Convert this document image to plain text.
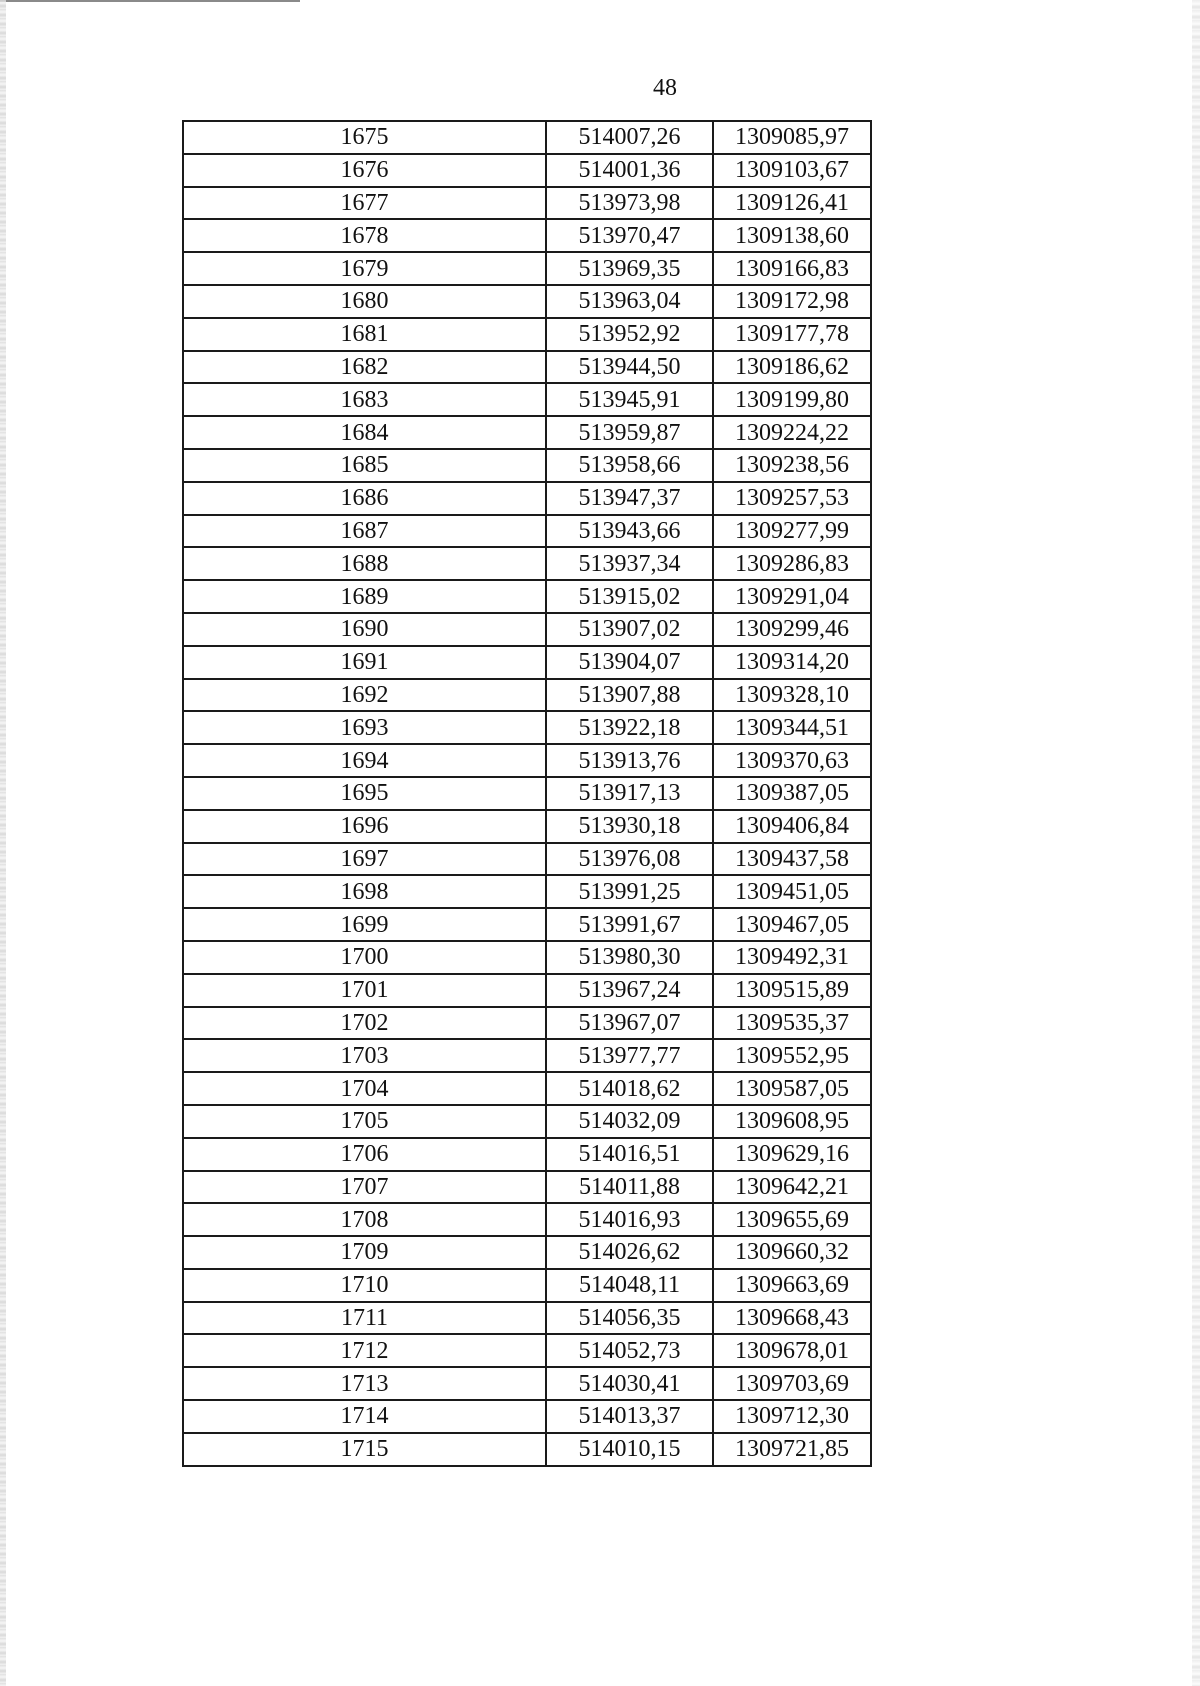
48
1675	514007,26	1309085,97
1676	514001,36	1309103,67
1677	513973,98	1309126,41
1678	513970,47	1309138,60
1679	513969,35	1309166,83
1680	513963,04	1309172,98
1681	513952,92	1309177,78
1682	513944,50	1309186,62
1683	513945,91	1309199,80
1684	513959,87	1309224,22
1685	513958,66	1309238,56
1686	513947,37	1309257,53
1687	513943,66	1309277,99
1688	513937,34	1309286,83
1689	513915,02	1309291,04
1690	513907,02	1309299,46
1691	513904,07	1309314,20
1692	513907,88	1309328,10
1693	513922,18	1309344,51
1694	513913,76	1309370,63
1695	513917,13	1309387,05
1696	513930,18	1309406,84
1697	513976,08	1309437,58
1698	513991,25	1309451,05
1699	513991,67	1309467,05
1700	513980,30	1309492,31
1701	513967,24	1309515,89
1702	513967,07	1309535,37
1703	513977,77	1309552,95
1704	514018,62	1309587,05
1705	514032,09	1309608,95
1706	514016,51	1309629,16
1707	514011,88	1309642,21
1708	514016,93	1309655,69
1709	514026,62	1309660,32
1710	514048,11	1309663,69
1711	514056,35	1309668,43
1712	514052,73	1309678,01
1713	514030,41	1309703,69
1714	514013,37	1309712,30
1715	514010,15	1309721,85
